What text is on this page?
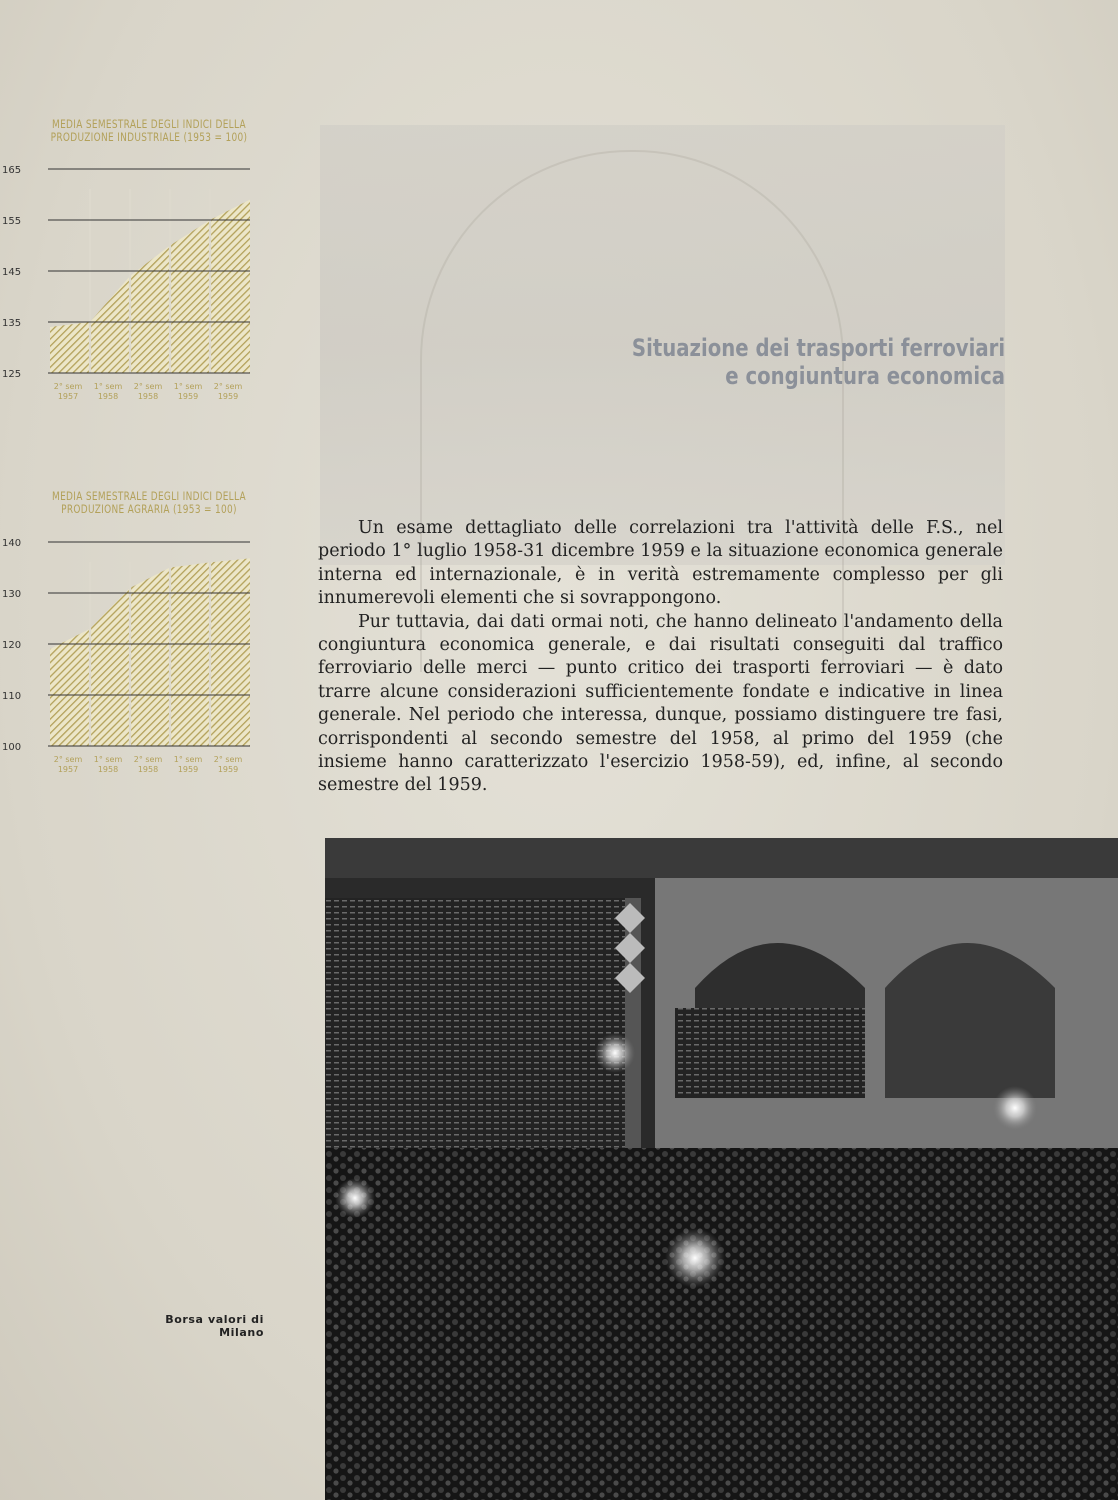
MEDIA SEMESTRALE DEGLI INDICI DELLA
PRODUZIONE INDUSTRIALE (1953 = 100)
125
135
145
155
165
2° sem
1957
1° sem
1958
2° sem
1958
1° sem
1959
2° sem
1959
MEDIA SEMESTRALE DEGLI INDICI DELLA
PRODUZIONE AGRARIA (1953 = 100)
100
110
120
130
140
2° sem
1957
1° sem
1958
2° sem
1958
1° sem
1959
2° sem
1959
Situazione dei trasporti ferroviari
e congiuntura economica

Un esame dettagliato delle correlazioni tra l'attività delle F.S., nel periodo 1° luglio 1958-31 dicembre 1959 e la situazione economica generale interna ed internazionale, è in verità estremamente complesso per gli innumerevoli elementi che si sovrappongono.

Pur tuttavia, dai dati ormai noti, che hanno delineato l'andamento della congiuntura economica generale, e dai risultati conseguiti dal traffico ferroviario delle merci — punto critico dei trasporti ferroviari — è dato trarre alcune considerazioni sufficientemente fondate e indicative in linea generale. Nel periodo che interessa, dunque, possiamo distinguere tre fasi, corrispondenti al secondo semestre del 1958, al primo del 1959 (che insieme hanno caratterizzato l'esercizio 1958-59), ed, infine, al secondo semestre del 1959.

Borsa valori di Milano
